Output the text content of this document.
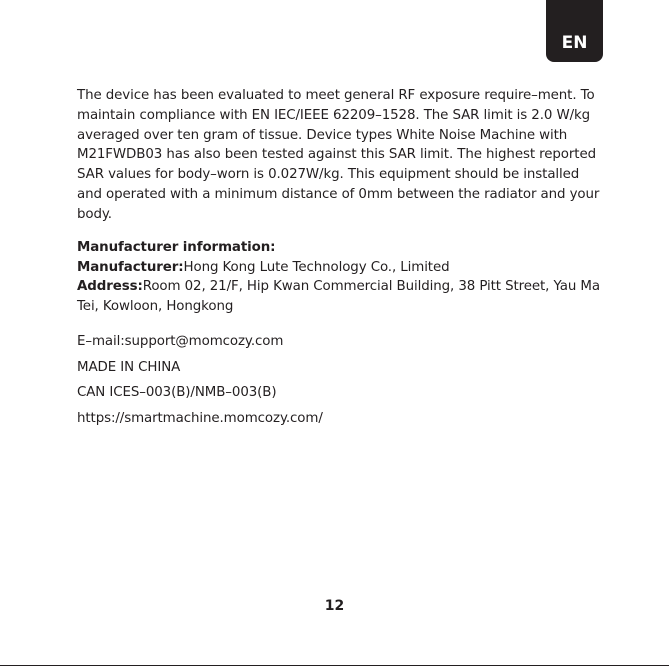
EN

The device has been evaluated to meet general RF exposure require–ment. To maintain compliance with EN IEC/IEEE 62209–1528. The SAR limit is 2.0 W/kg averaged over ten gram of tissue. Device types White Noise Machine with M21FWDB03 has also been tested against this SAR limit. The highest reported SAR values for body–worn is 0.027W/kg. This equipment should be installed and operated with a minimum distance of 0mm between the radiator and your body.

Manufacturer information:

Manufacturer:Hong Kong Lute Technology Co., Limited

Address:Room 02, 21/F, Hip Kwan Commercial Building, 38 Pitt Street, Yau Ma Tei, Kowloon, Hongkong

E–mail:support@momcozy.com

MADE IN CHINA

CAN ICES–003(B)/NMB–003(B)

https://smartmachine.momcozy.com/

12
